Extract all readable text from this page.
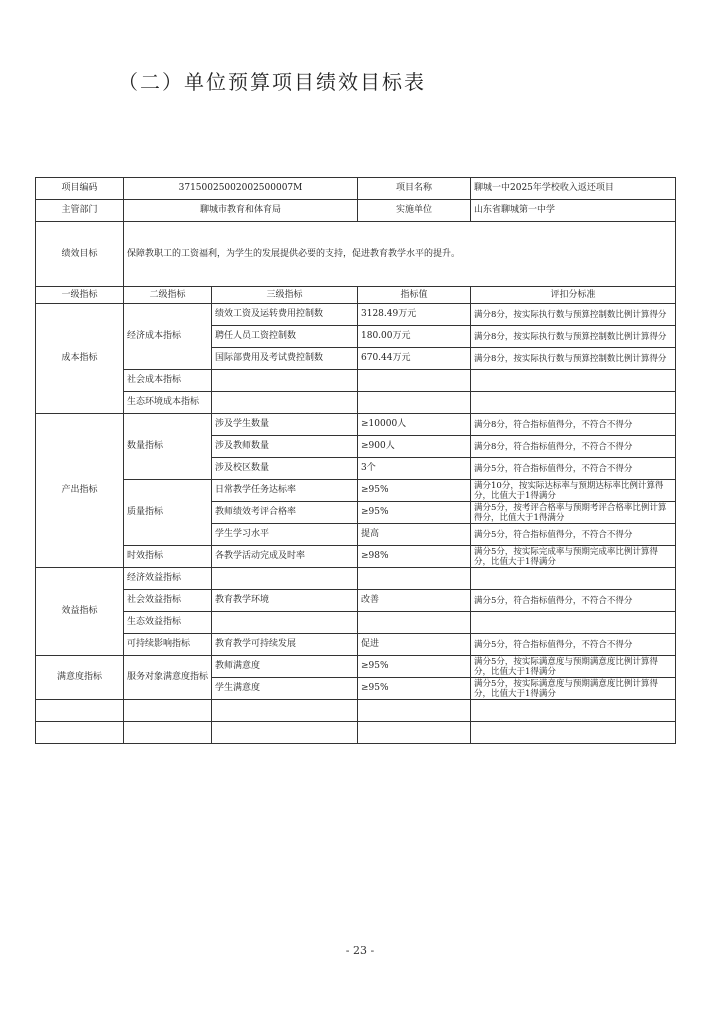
（二）单位预算项目绩效目标表
项目编码	37150025002002500007M		项目名称	聊城一中2025年学校收入返还项目
主管部门	聊城市教育和体育局		实施单位	山东省聊城第一中学
绩效目标	保障教职工的工资福利，为学生的发展提供必要的支持，促进教育教学水平的提升。			
一级指标	二级指标	三级指标	指标值	评扣分标准
成本指标	经济成本指标	绩效工资及运转费用控制数	3128.49万元	满分8分，按实际执行数与预算控制数比例计算得分
		聘任人员工资控制数	180.00万元	满分8分，按实际执行数与预算控制数比例计算得分
		国际部费用及考试费控制数	670.44万元	满分8分，按实际执行数与预算控制数比例计算得分
	社会成本指标			
	生态环境成本指标			
产出指标	数量指标	涉及学生数量	≥10000人	满分8分，符合指标值得分，不符合不得分
		涉及教师数量	≥900人	满分8分，符合指标值得分，不符合不得分
		涉及校区数量	3个	满分5分，符合指标值得分，不符合不得分
	质量指标	日常教学任务达标率	≥95%	满分10分，按实际达标率与预期达标率比例计算得分，比值大于1得满分
		教师绩效考评合格率	≥95%	满分5分，按考评合格率与预期考评合格率比例计算得分，比值大于1得满分
		学生学习水平	提高	满分5分，符合指标值得分，不符合不得分
	时效指标	各教学活动完成及时率	≥98%	满分5分，按实际完成率与预期完成率比例计算得分，比值大于1得满分
效益指标	经济效益指标			
	社会效益指标	教育教学环境	改善	满分5分，符合指标值得分，不符合不得分
	生态效益指标			
	可持续影响指标	教育教学可持续发展	促进	满分5分，符合指标值得分，不符合不得分
满意度指标	服务对象满意度指标	教师满意度	≥95%	满分5分，按实际满意度与预期满意度比例计算得分，比值大于1得满分
		学生满意度	≥95%	满分5分，按实际满意度与预期满意度比例计算得分，比值大于1得满分

- 23 -
